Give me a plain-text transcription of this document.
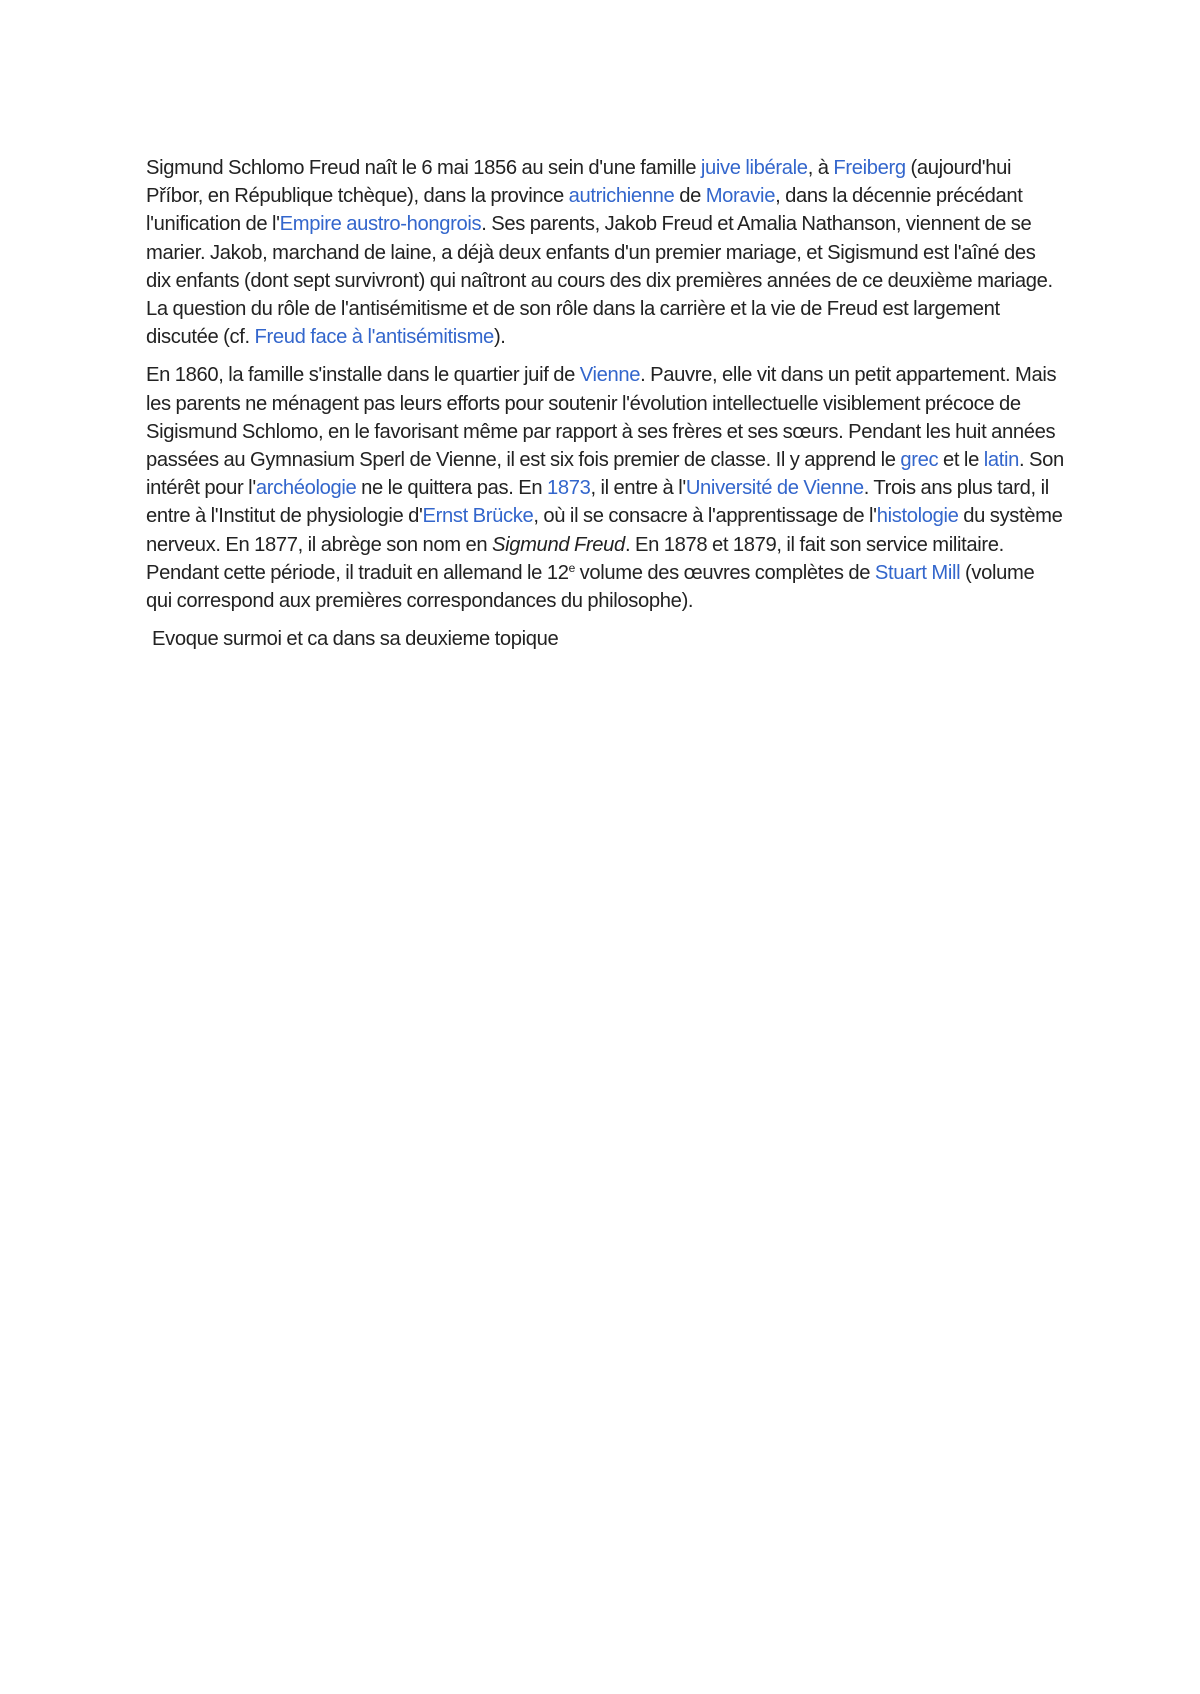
Sigmund Schlomo Freud naît le 6 mai 1856 au sein d'une famille juive libérale, à Freiberg (aujourd'hui Příbor, en République tchèque), dans la province autrichienne de Moravie, dans la décennie précédant l'unification de l'Empire austro-hongrois. Ses parents, Jakob Freud et Amalia Nathanson, viennent de se marier. Jakob, marchand de laine, a déjà deux enfants d'un premier mariage, et Sigismund est l'aîné des dix enfants (dont sept survivront) qui naîtront au cours des dix premières années de ce deuxième mariage. La question du rôle de l'antisémitisme et de son rôle dans la carrière et la vie de Freud est largement discutée (cf. Freud face à l'antisémitisme).

En 1860, la famille s'installe dans le quartier juif de Vienne. Pauvre, elle vit dans un petit appartement. Mais les parents ne ménagent pas leurs efforts pour soutenir l'évolution intellectuelle visiblement précoce de Sigismund Schlomo, en le favorisant même par rapport à ses frères et ses sœurs. Pendant les huit années passées au Gymnasium Sperl de Vienne, il est six fois premier de classe. Il y apprend le grec et le latin. Son intérêt pour l'archéologie ne le quittera pas. En 1873, il entre à l'Université de Vienne. Trois ans plus tard, il entre à l'Institut de physiologie d'Ernst Brücke, où il se consacre à l'apprentissage de l'histologie du système nerveux. En 1877, il abrège son nom en Sigmund Freud. En 1878 et 1879, il fait son service militaire. Pendant cette période, il traduit en allemand le 12e volume des œuvres complètes de Stuart Mill (volume qui correspond aux premières correspondances du philosophe).

Evoque surmoi et ca dans sa deuxieme topique
